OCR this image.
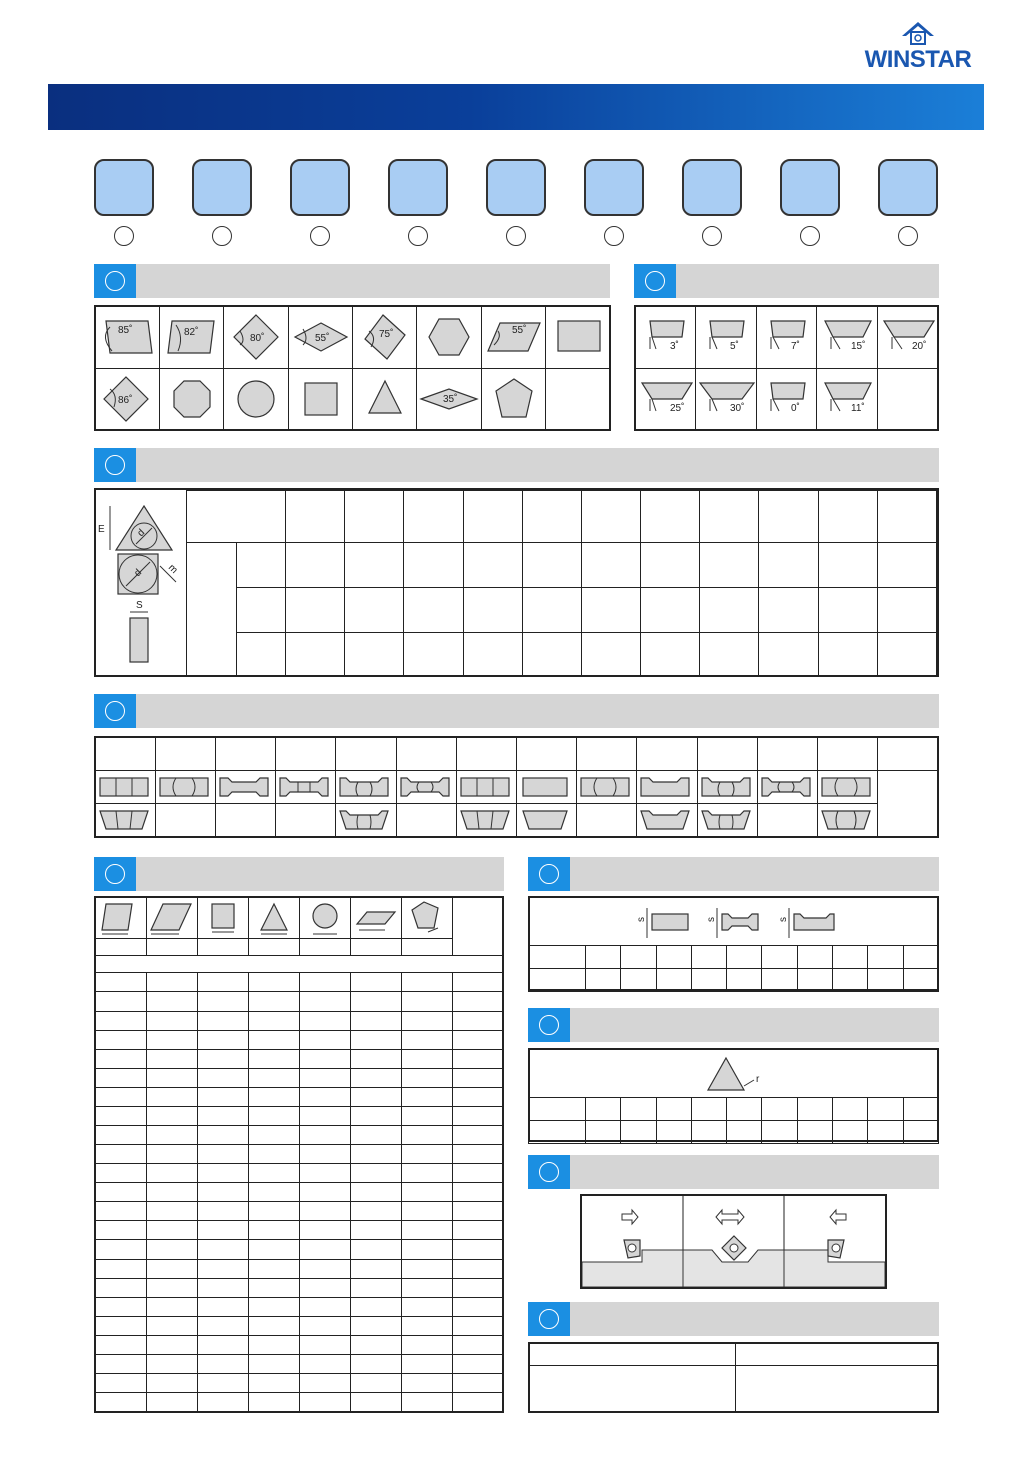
WINSTAR
85˚	82˚	80˚	55˚	75˚		55˚

86˚					35˚

3˚	5˚	7˚	15˚	20˚

25˚	30˚	0˚	11˚	

d
E
d m
S

s	s	s

r
